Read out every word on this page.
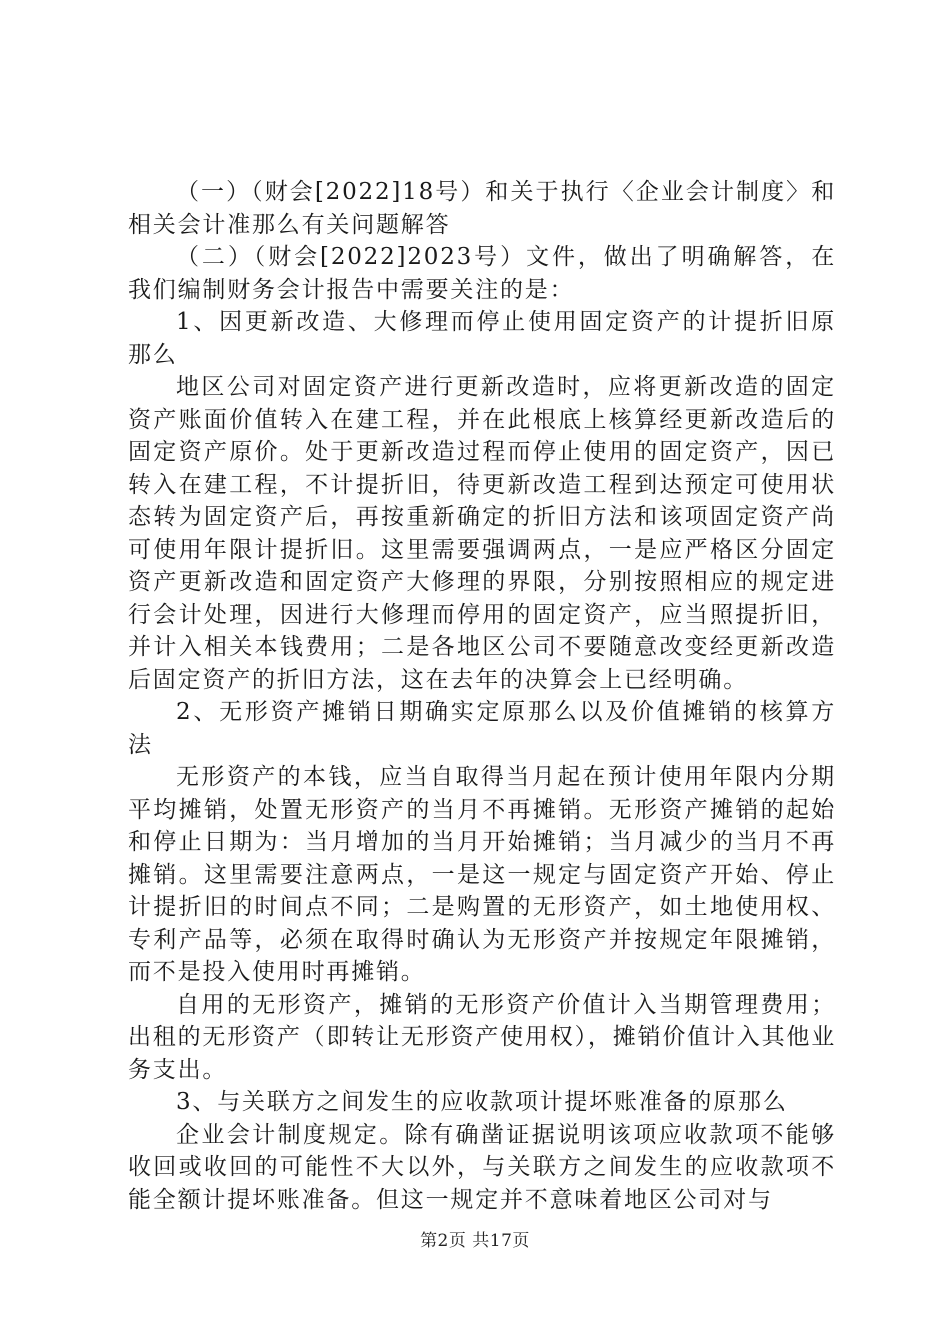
（一）（财会[2022]18号）和关于执行〈企业会计制度〉和相关会计准那么有关问题解答

（二）（财会[2022]2023号）文件，做出了明确解答，在我们编制财务会计报告中需要关注的是：

1、因更新改造、大修理而停止使用固定资产的计提折旧原那么

地区公司对固定资产进行更新改造时，应将更新改造的固定资产账面价值转入在建工程，并在此根底上核算经更新改造后的固定资产原价。处于更新改造过程而停止使用的固定资产，因已转入在建工程，不计提折旧，待更新改造工程到达预定可使用状态转为固定资产后，再按重新确定的折旧方法和该项固定资产尚可使用年限计提折旧。这里需要强调两点，一是应严格区分固定资产更新改造和固定资产大修理的界限，分别按照相应的规定进行会计处理，因进行大修理而停用的固定资产，应当照提折旧，并计入相关本钱费用；二是各地区公司不要随意改变经更新改造后固定资产的折旧方法，这在去年的决算会上已经明确。

2、无形资产摊销日期确实定原那么以及价值摊销的核算方法

无形资产的本钱，应当自取得当月起在预计使用年限内分期平均摊销，处置无形资产的当月不再摊销。无形资产摊销的起始和停止日期为：当月增加的当月开始摊销；当月减少的当月不再摊销。这里需要注意两点，一是这一规定与固定资产开始、停止计提折旧的时间点不同；二是购置的无形资产，如土地使用权、专利产品等，必须在取得时确认为无形资产并按规定年限摊销，而不是投入使用时再摊销。

自用的无形资产，摊销的无形资产价值计入当期管理费用；出租的无形资产（即转让无形资产使用权），摊销价值计入其他业务支出。

3、与关联方之间发生的应收款项计提坏账准备的原那么

企业会计制度规定。除有确凿证据说明该项应收款项不能够收回或收回的可能性不大以外，与关联方之间发生的应收款项不能全额计提坏账准备。但这一规定并不意味着地区公司对与

第2页 共17页
